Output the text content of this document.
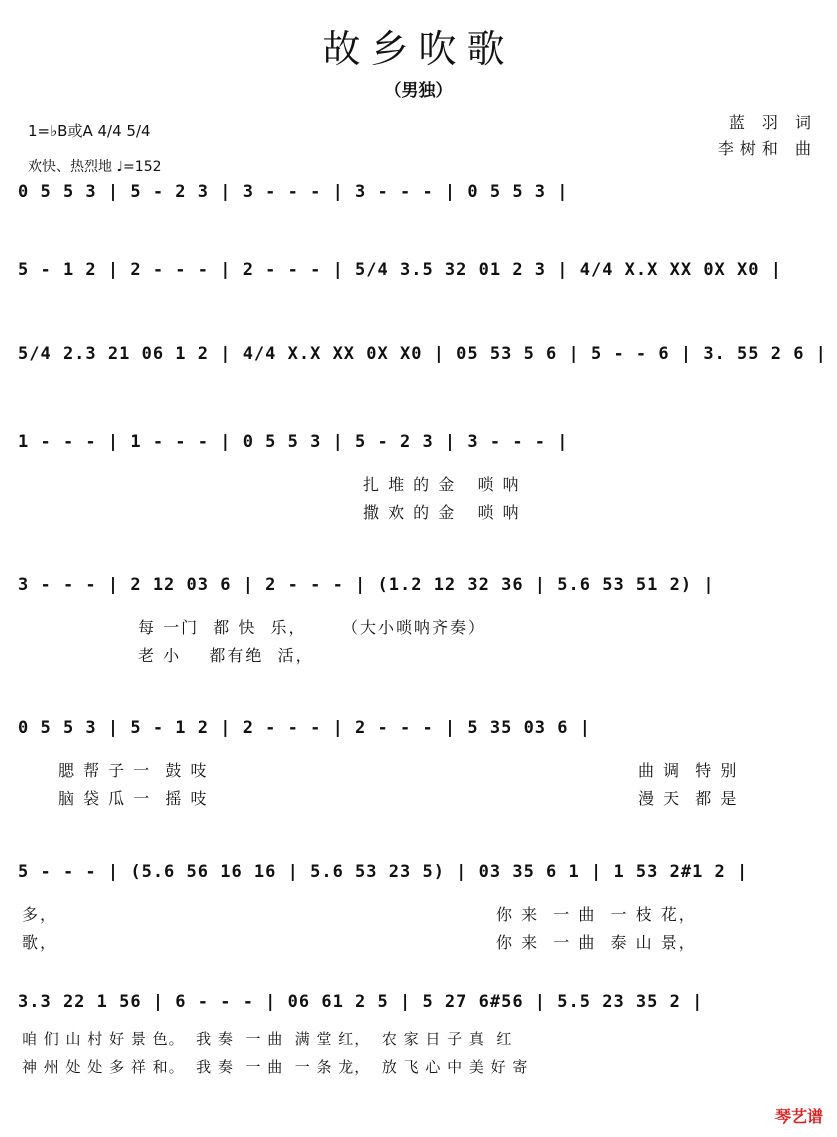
故乡吹歌
（男独）
1=♭B或A 4/4 5/4
欢快、热烈地 ♩=152
蓝 羽 词
李树和 曲
0 5 5 3 | 5 - 2 3 | 3 - - - | 3 - - - | 0 5 5 3 |
5 - 1 2 | 2 - - - | 2 - - - | 5/4 3.5 32 01 2 3 | 4/4 X.X XX 0X X0 |
5/4 2.3 21 06 1 2 | 4/4 X.X XX 0X X0 | 05 53 5 6 | 5 - - 6 | 3. 55 2 6 |
1 - - - | 1 - - - | 0 5 5 3 | 5 - 2 3 | 3 - - - |
扎 堆 的 金   唢 呐
撒 欢 的 金   唢 呐
3 - - - | 2 12 03 6 | 2 - - - | (1.2 12 32 36 | 5.6 53 51 2) |
每 一门  都 快  乐，     （大小唢呐齐奏）
老 小    都有绝  活，
0 5 5 3 | 5 - 1 2 | 2 - - - | 2 - - - | 5 35 03 6 |
腮 帮 子 一  鼓 吱
脑 袋 瓜 一  摇 吱
曲 调  特 别
漫 天  都 是
5 - - - | (5.6 56 16 16 | 5.6 53 23 5) | 03 35 6 1 | 1 53 2#1 2 |
多，
歌，
你 来  一 曲  一 枝 花，
你 来  一 曲  泰 山 景，
3.3 22 1 56 | 6 - - - | 06 61 2 5 | 5 27 6#56 | 5.5 23 35 2 |
咱 们 山 村 好 景 色。  我 奏  一 曲  满 堂 红，  农 家 日 子 真  红
神 州 处 处 多 祥 和。  我 奏  一 曲  一 条 龙，  放 飞 心 中 美 好 寄
琴艺谱
